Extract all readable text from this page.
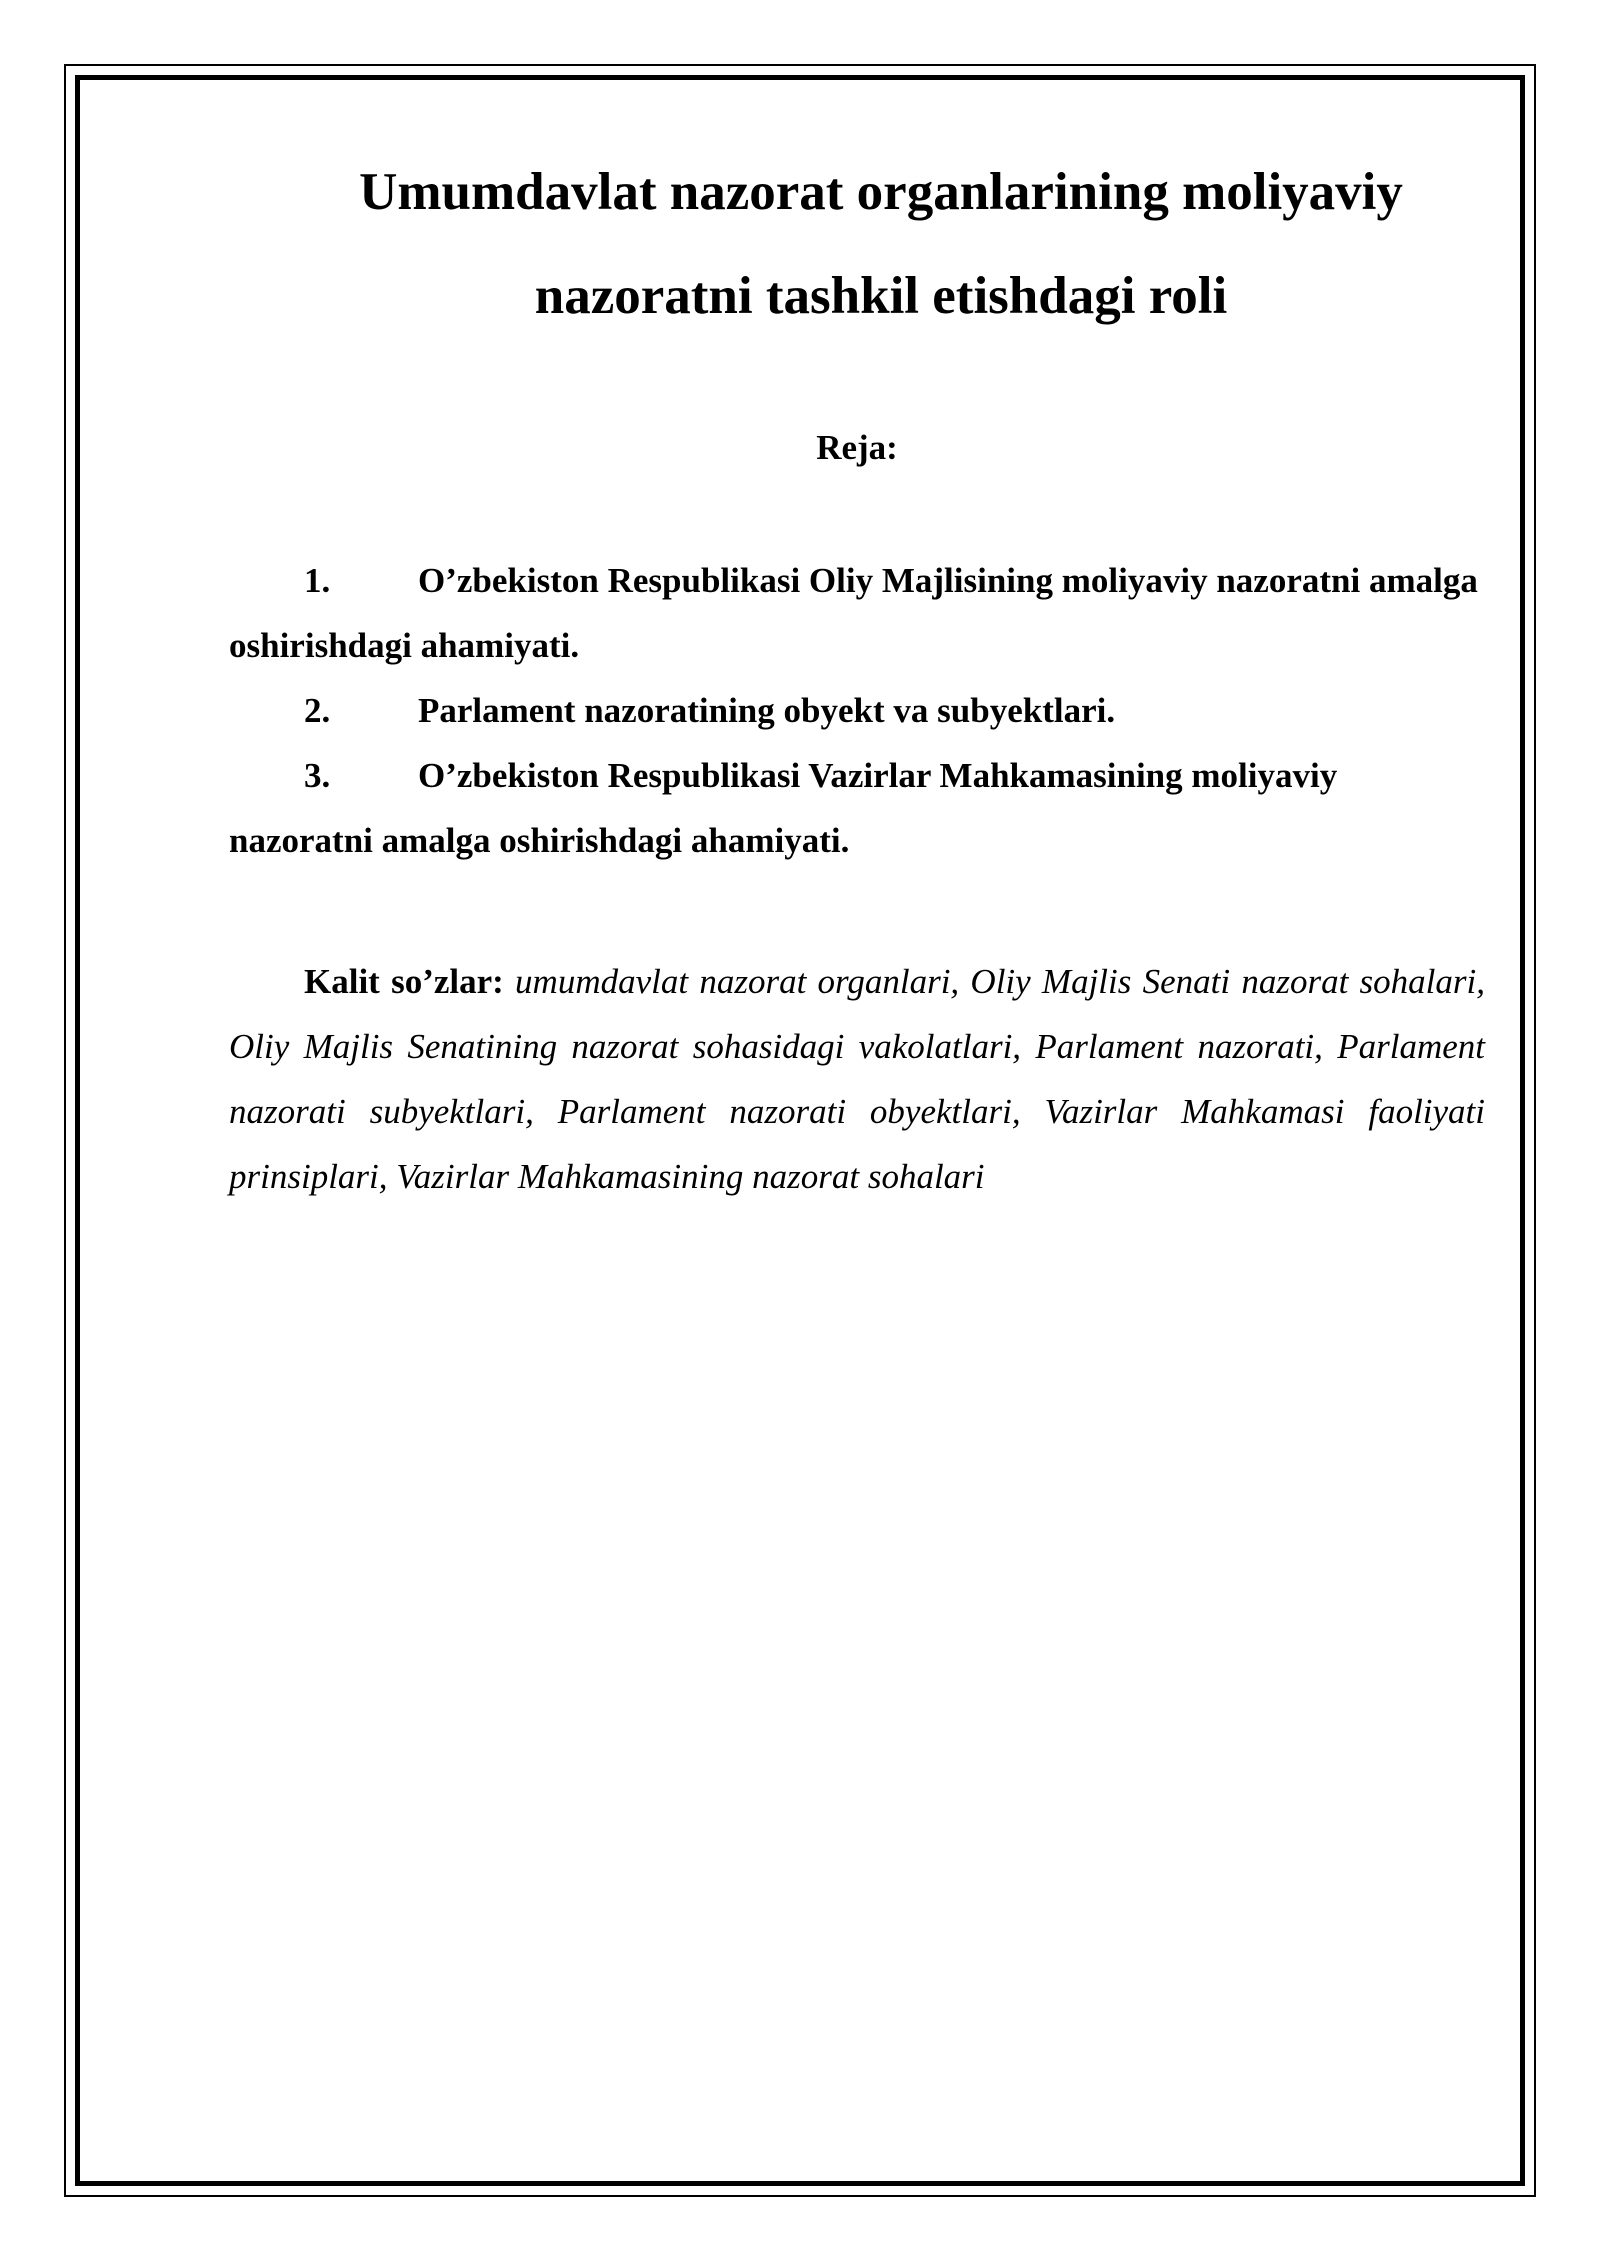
Umumdavlat nazorat organlarining moliyaviy
nazoratni tashkil etishdagi roli
Reja:
1.	O’zbekiston Respublikasi Oliy Majlisining moliyaviy nazoratni amalga oshirishdagi ahamiyati.
2.	Parlament nazoratining obyekt va subyektlari.
3.	O’zbekiston Respublikasi Vazirlar Mahkamasining moliyaviy nazoratni amalga oshirishdagi ahamiyati.

Kalit so’zlar: umumdavlat nazorat organlari, Oliy Majlis Senati nazorat sohalari, Oliy Majlis Senatining nazorat sohasidagi vakolatlari, Parlament nazorati, Parlament nazorati subyektlari, Parlament nazorati obyektlari, Vazirlar Mahkamasi faoliyati prinsiplari, Vazirlar Mahkamasining nazorat sohalari
